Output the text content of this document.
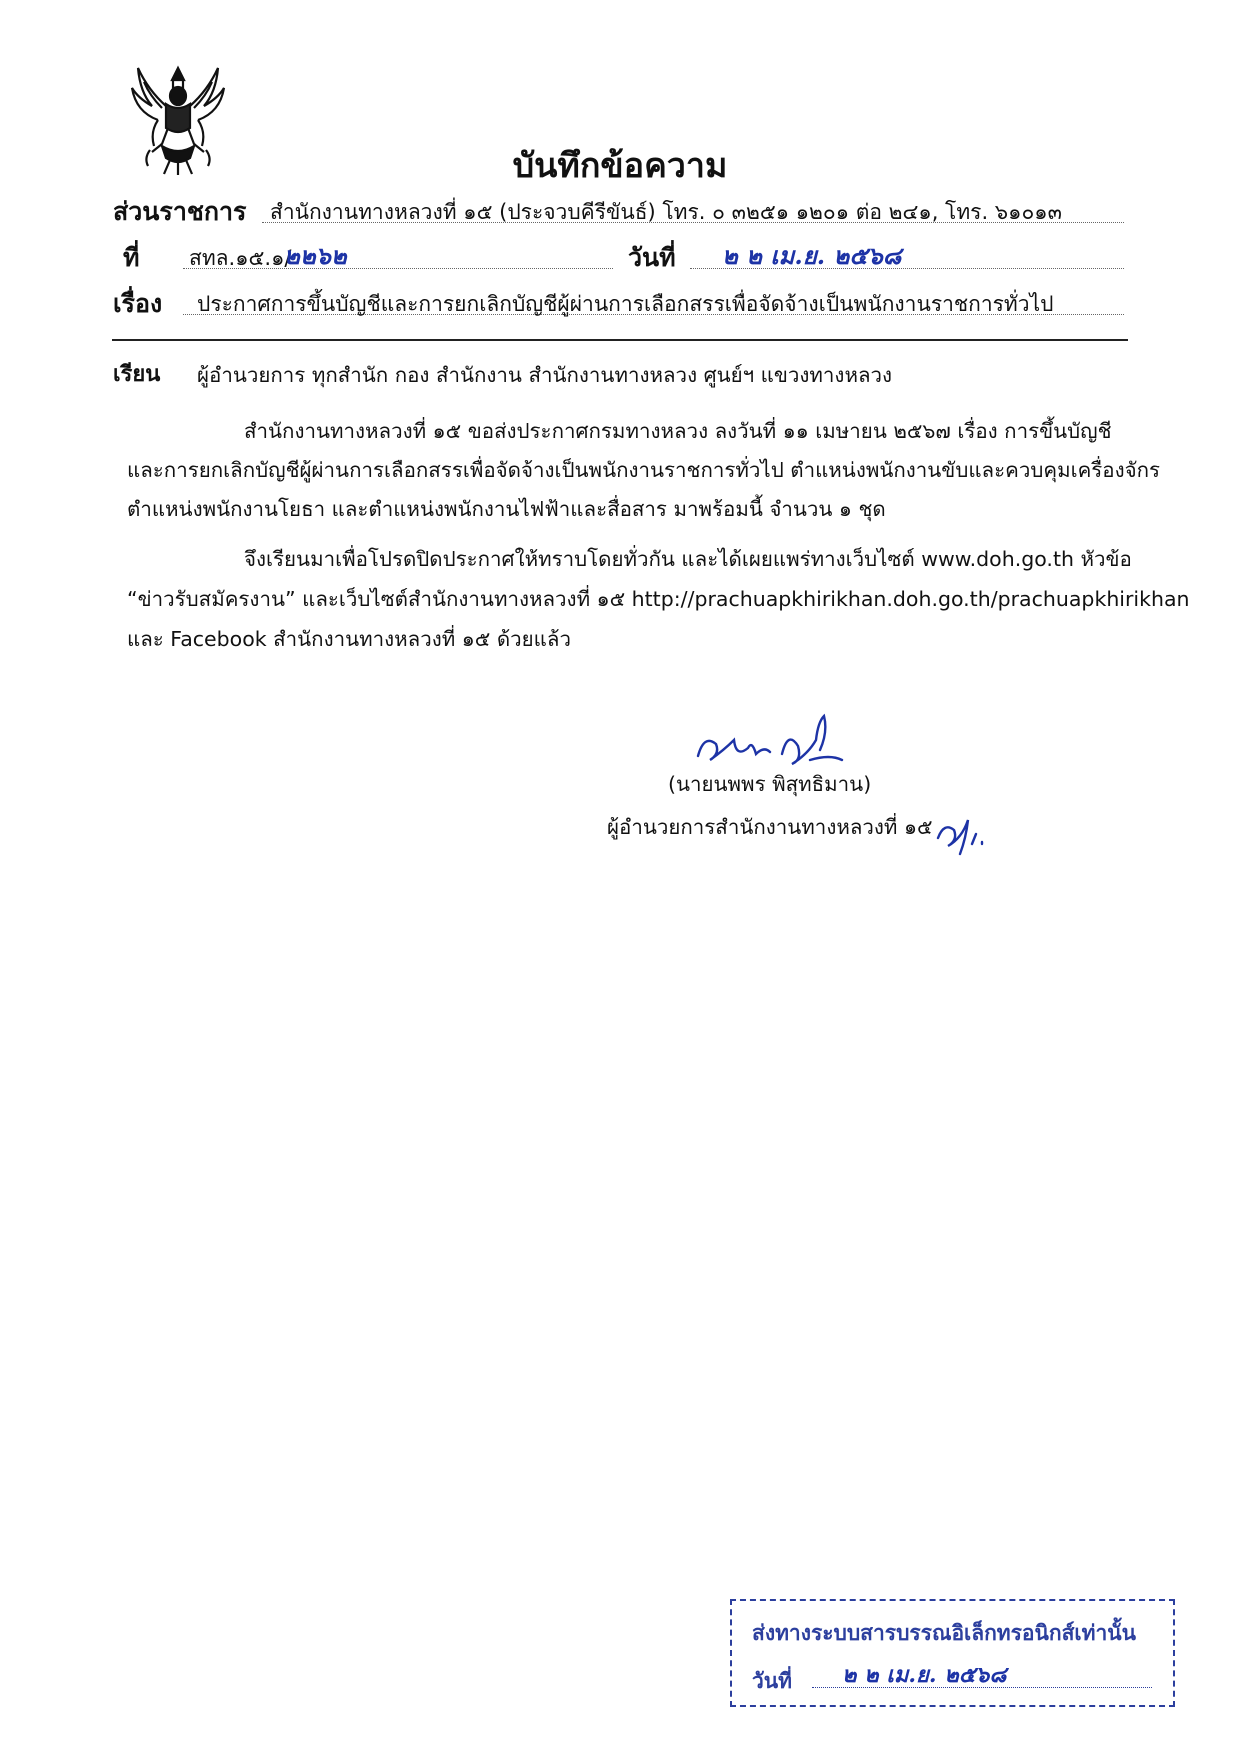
บันทึกข้อความ
ส่วนราชการ สำนักงานทางหลวงที่ ๑๕ (ประจวบคีรีขันธ์) โทร. ๐ ๓๒๕๑ ๑๒๐๑ ต่อ ๒๔๑, โทร. ๖๑๐๑๓
ที่ สทล.๑๕.๑/
๒๒๖๒	วันที่ ๒ ๒ เม.ย. ๒๕๖๘
เรื่อง ประกาศการขึ้นบัญชีและการยกเลิกบัญชีผู้ผ่านการเลือกสรรเพื่อจัดจ้างเป็นพนักงานราชการทั่วไป
เรียน ผู้อำนวยการ ทุกสำนัก กอง สำนักงาน สำนักงานทางหลวง ศูนย์ฯ แขวงทางหลวง
สำนักงานทางหลวงที่ ๑๕ ขอส่งประกาศกรมทางหลวง ลงวันที่ ๑๑ เมษายน ๒๕๖๗ เรื่อง การขึ้นบัญชี
และการยกเลิกบัญชีผู้ผ่านการเลือกสรรเพื่อจัดจ้างเป็นพนักงานราชการทั่วไป ตำแหน่งพนักงานขับและควบคุมเครื่องจักร
ตำแหน่งพนักงานโยธา และตำแหน่งพนักงานไฟฟ้าและสื่อสาร มาพร้อมนี้ จำนวน ๑ ชุด
จึงเรียนมาเพื่อโปรดปิดประกาศให้ทราบโดยทั่วกัน และได้เผยแพร่ทางเว็บไซต์ www.doh.go.th หัวข้อ
“ข่าวรับสมัครงาน” และเว็บไซต์สำนักงานทางหลวงที่ ๑๕ http://prachuapkhirikhan.doh.go.th/prachuapkhirikhan
และ Facebook สำนักงานทางหลวงที่ ๑๕ ด้วยแล้ว
(นายนพพร พิสุทธิมาน)
ผู้อำนวยการสำนักงานทางหลวงที่ ๑๕
ส่งทางระบบสารบรรณอิเล็กทรอนิกส์เท่านั้น
วันที่ ๒ ๒ เม.ย. ๒๕๖๘
